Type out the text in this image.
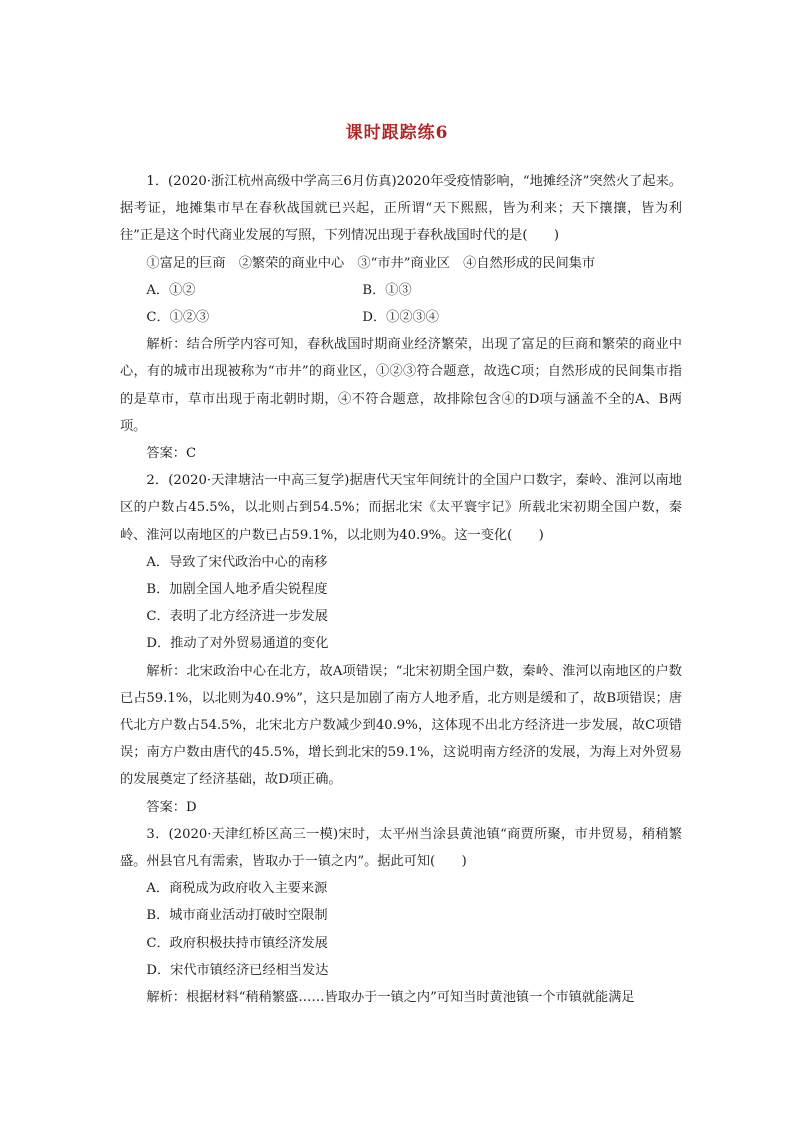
课时跟踪练6

1．(2020·浙江杭州高级中学高三6月仿真)2020年受疫情影响，“地摊经济”突然火了起来。据考证，地摊集市早在春秋战国就已兴起，正所谓“天下熙熙，皆为利来；天下攘攘，皆为利往”正是这个时代商业发展的写照，下列情况出现于春秋战国时代的是(　　)

①富足的巨商　②繁荣的商业中心　③“市井”商业区　④自然形成的民间集市

A．①②	B．①③
C．①②③	D．①②③④

解析：结合所学内容可知，春秋战国时期商业经济繁荣，出现了富足的巨商和繁荣的商业中心，有的城市出现被称为“市井”的商业区，①②③符合题意，故选C项；自然形成的民间集市指的是草市，草市出现于南北朝时期，④不符合题意，故排除包含④的D项与涵盖不全的A、B两项。

答案：C

2．(2020·天津塘沽一中高三复学)据唐代天宝年间统计的全国户口数字，秦岭、淮河以南地区的户数占45.5%，以北则占到54.5%；而据北宋《太平寰宇记》所载北宋初期全国户数，秦岭、淮河以南地区的户数已占59.1%，以北则为40.9%。这一变化(　　)

A．导致了宋代政治中心的南移

B．加剧全国人地矛盾尖锐程度

C．表明了北方经济进一步发展

D．推动了对外贸易通道的变化

解析：北宋政治中心在北方，故A项错误；“北宋初期全国户数，秦岭、淮河以南地区的户数已占59.1%，以北则为40.9%”，这只是加剧了南方人地矛盾，北方则是缓和了，故B项错误；唐代北方户数占54.5%，北宋北方户数减少到40.9%，这体现不出北方经济进一步发展，故C项错误；南方户数由唐代的45.5%，增长到北宋的59.1%，这说明南方经济的发展，为海上对外贸易的发展奠定了经济基础，故D项正确。

答案：D

3．(2020·天津红桥区高三一模)宋时，太平州当涂县黄池镇“商贾所聚，市井贸易，稍稍繁盛。州县官凡有需索，皆取办于一镇之内”。据此可知(　　)

A．商税成为政府收入主要来源

B．城市商业活动打破时空限制

C．政府积极扶持市镇经济发展

D．宋代市镇经济已经相当发达

解析：根据材料“稍稍繁盛……皆取办于一镇之内”可知当时黄池镇一个市镇就能满足
